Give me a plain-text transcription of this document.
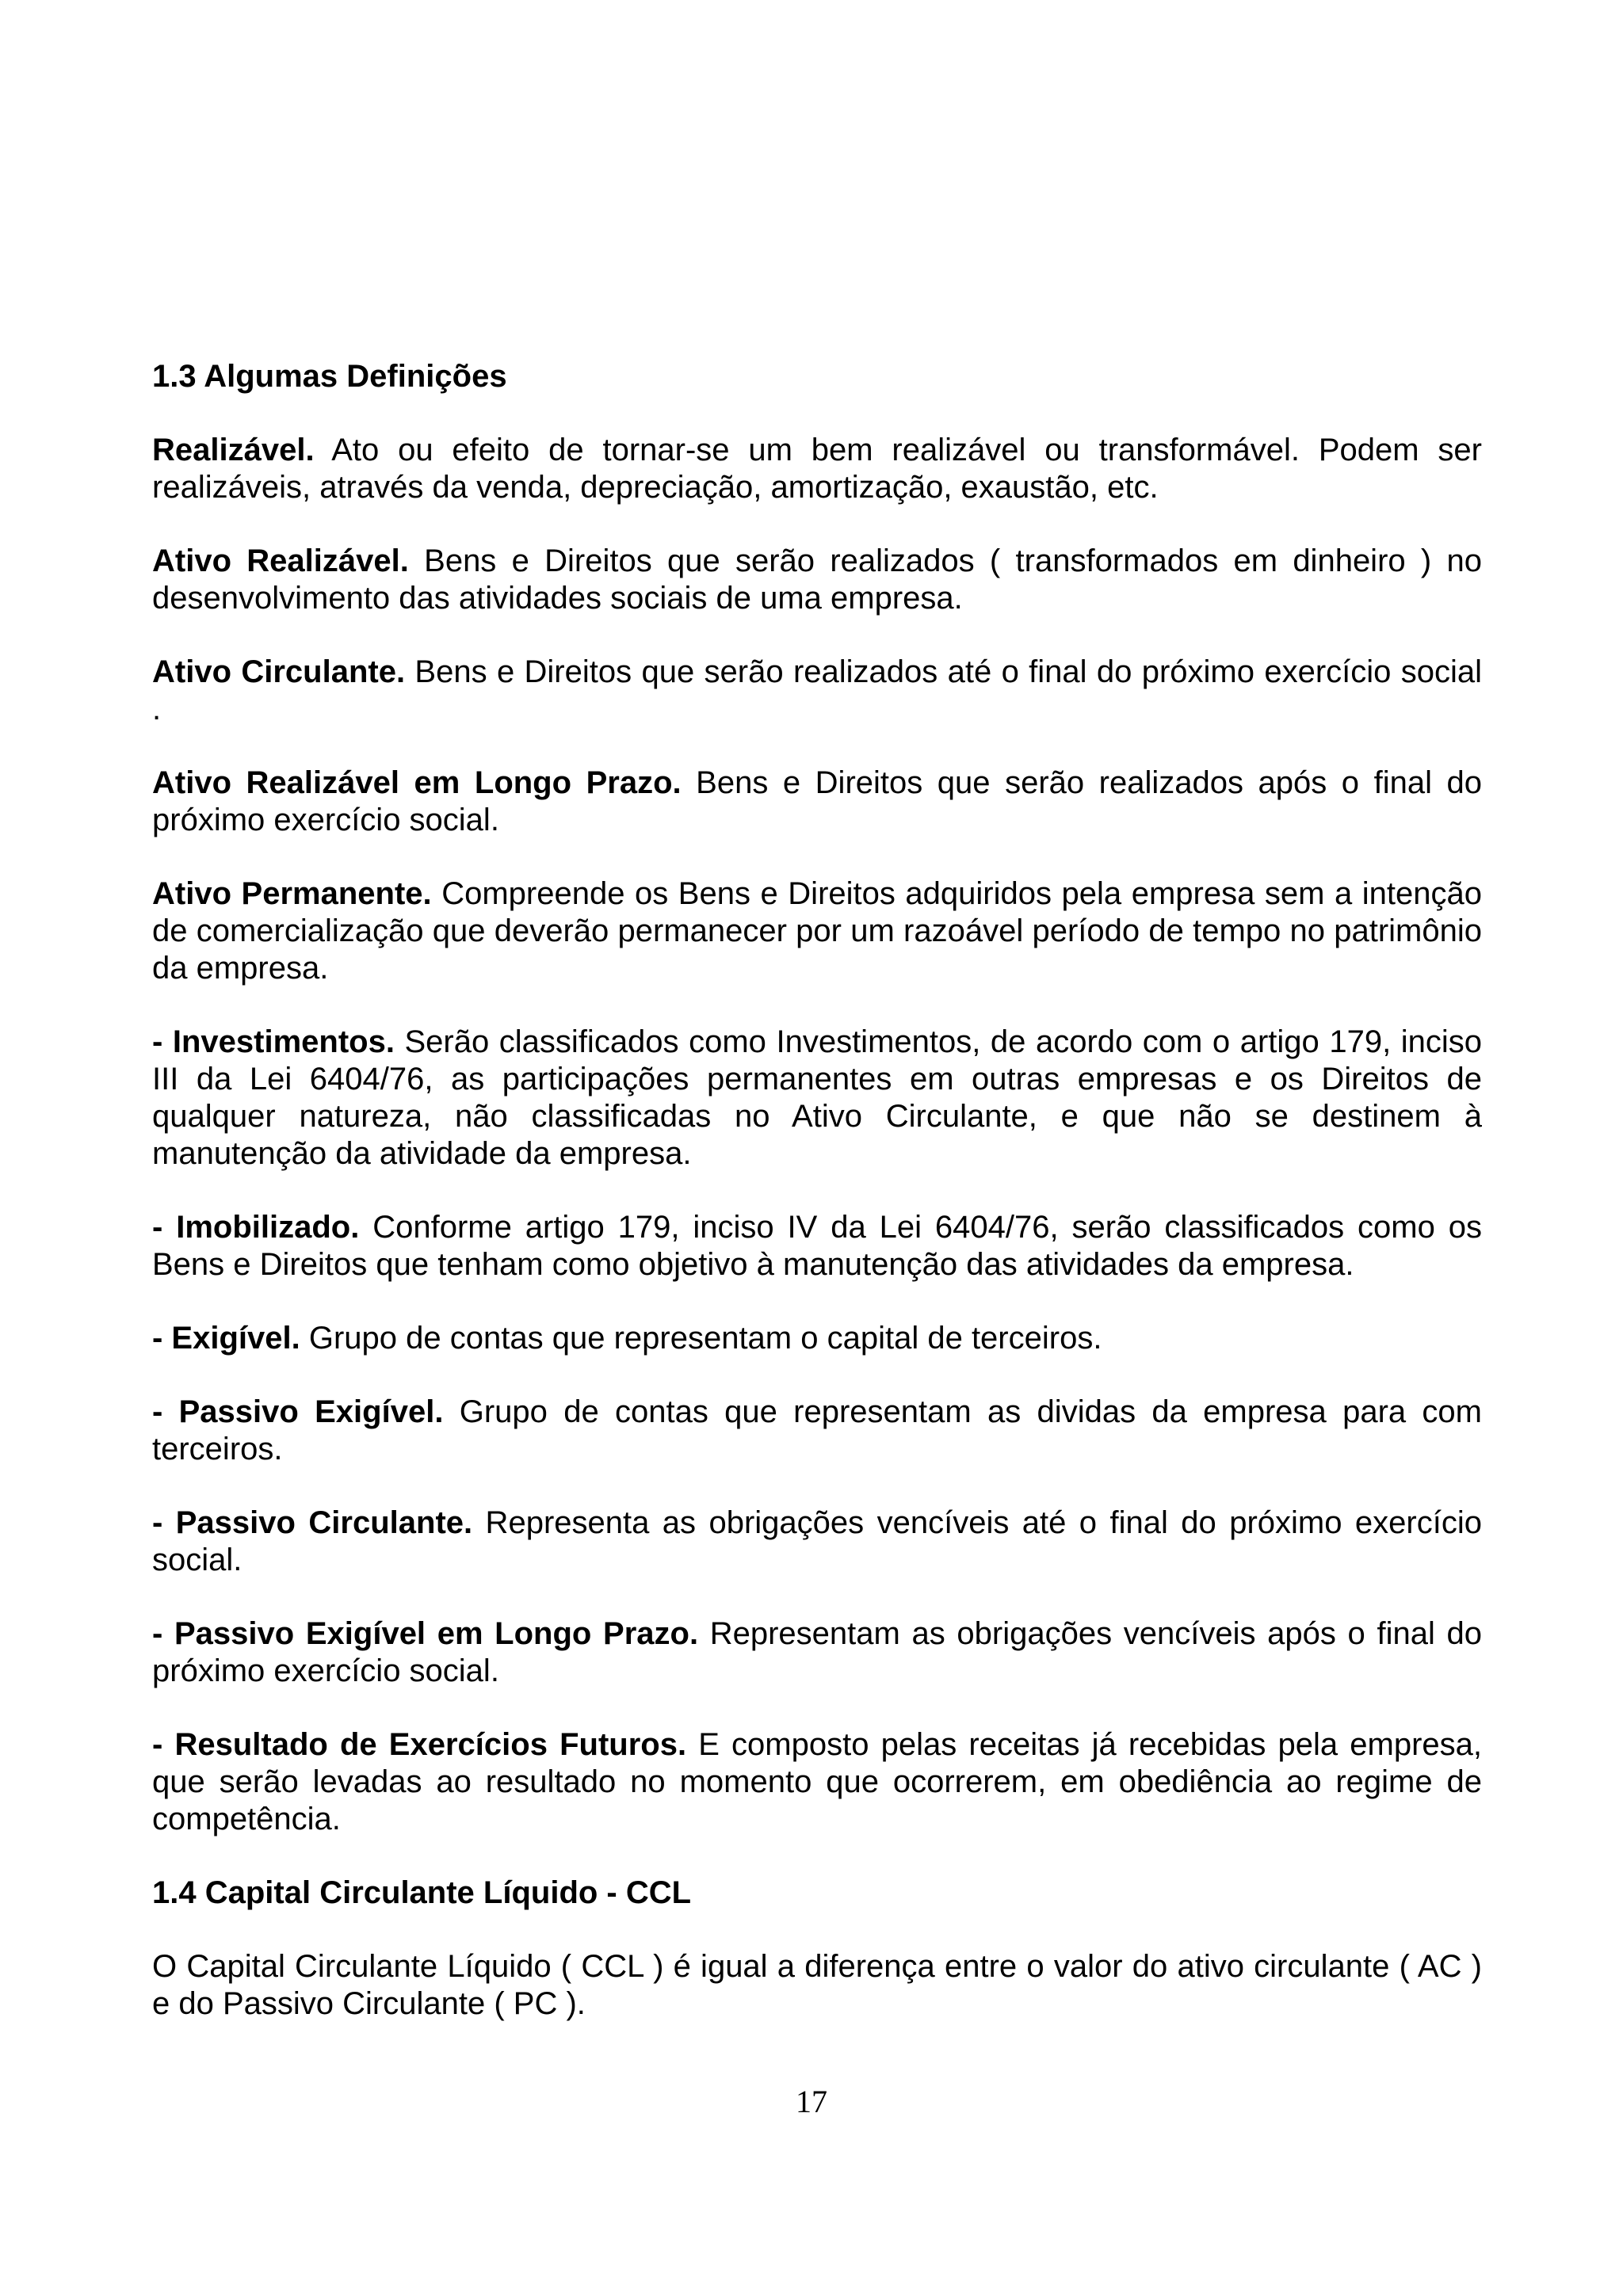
1.3 Algumas Definições

Realizável. Ato ou efeito de tornar-se um bem realizável ou transformável. Podem ser realizáveis, através da venda, depreciação, amortização, exaustão, etc.

Ativo Realizável. Bens e Direitos que serão realizados ( transformados em dinheiro ) no desenvolvimento das atividades sociais de uma empresa.

Ativo Circulante. Bens e Direitos que serão realizados até o final do próximo exercício social .

Ativo Realizável em Longo Prazo. Bens e Direitos que serão realizados após o final do próximo exercício social.

Ativo Permanente. Compreende os Bens e Direitos adquiridos pela empresa sem a intenção de comercialização que deverão permanecer por um razoável período de tempo no patrimônio da empresa.

- Investimentos. Serão classificados como Investimentos, de acordo com o artigo 179, inciso III da Lei 6404/76, as participações permanentes em outras empresas e os Direitos de qualquer natureza, não classificadas no Ativo Circulante, e que não se destinem à manutenção da atividade da empresa.

- Imobilizado. Conforme artigo 179, inciso IV da Lei 6404/76, serão classificados como os Bens e Direitos que tenham como objetivo à manutenção das atividades da empresa.

- Exigível. Grupo de contas que representam o capital de terceiros.

- Passivo Exigível. Grupo de contas que representam as dividas da empresa para com terceiros.

- Passivo Circulante. Representa as obrigações vencíveis até o final do próximo exercício social.

- Passivo Exigível em Longo Prazo. Representam as obrigações vencíveis após o final do próximo exercício social.

- Resultado de Exercícios Futuros. E composto pelas receitas já recebidas pela empresa, que serão levadas ao resultado no momento que ocorrerem, em obediência ao regime de competência.

1.4 Capital Circulante Líquido - CCL

O Capital Circulante Líquido ( CCL ) é igual a diferença entre o valor do ativo circulante ( AC ) e do Passivo Circulante ( PC ).

17
